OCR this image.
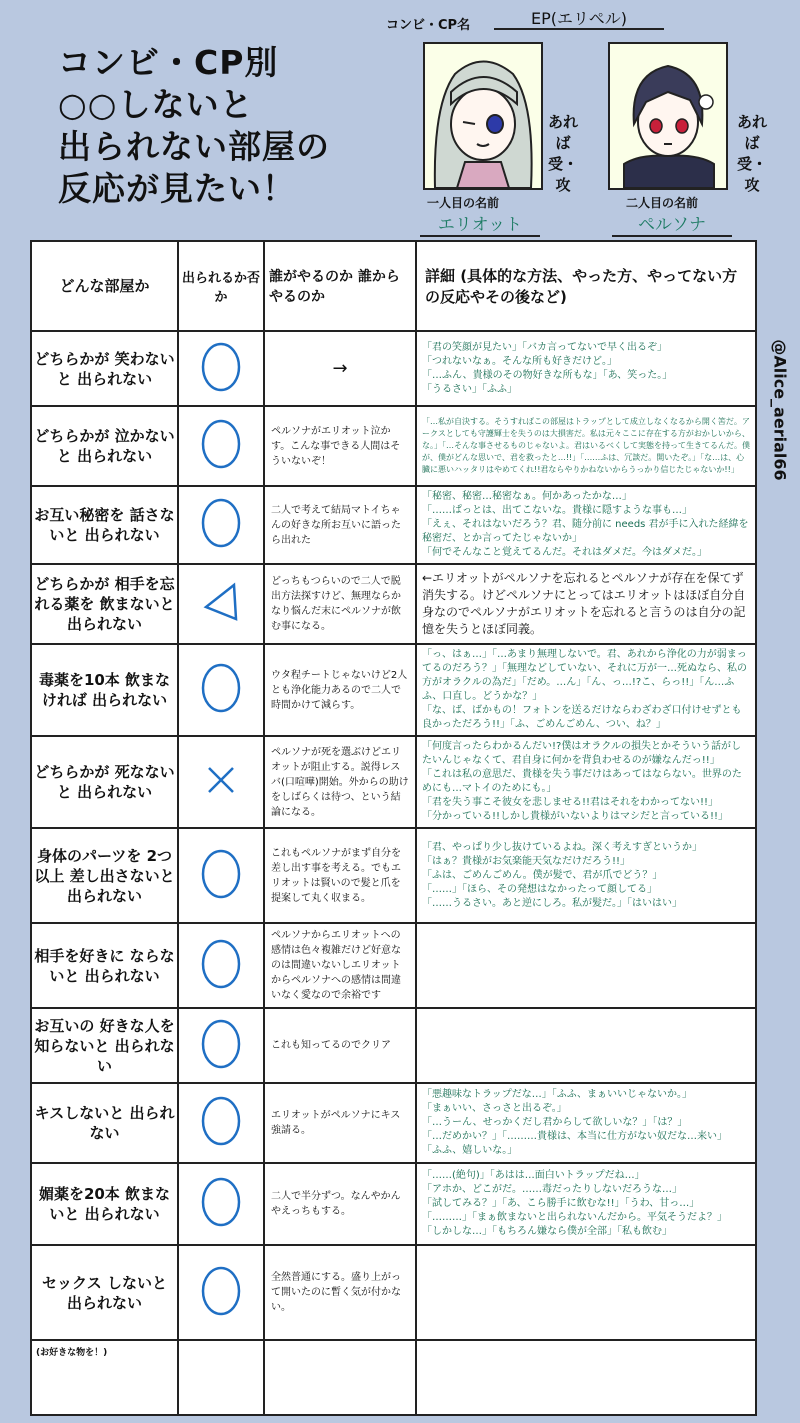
コンビ・CP別
○○しないと
出られない部屋の
反応が見たい！
コンビ・CP名	EP(エリペル)
あれば 受・攻
一人目の名前
エリオット
あれば 受・攻
二人目の名前
ペルソナ
@Alice_aerial66
どんな部屋か	出られるか否か	誰がやるのか 誰からやるのか	詳細 (具体的な方法、やった方、やってない方の反応やその後など)
どちらかが 笑わないと 出られない		→	「君の笑顔が見たい」「バカ言ってないで早く出るぞ」
「つれないなぁ。そんな所も好きだけど。」
「…ふん、貴様のその物好きな所もな」「あ、笑った。」
「うるさい」「ふふ」

どちらかが 泣かないと 出られない		ペルソナがエリオット泣かす。こんな事できる人間はそういないぞ！	「…私が自決する。そうすればこの部屋はトラップとして成立しなくなるから開く筈だ。アークスとしても守護輝士を失うのは大損害だ。私は元々ここに存在する方がおかしいから、な。」「…そんな事させるものじゃないよ。君はいるべくして実態を持って生きてるんだ。僕が、僕がどんな思いで、君を救ったと…!!」「……ふは、冗談だ。開いたぞ。」「な…は、心臓に悪いハッタリはやめてくれ!!君ならやりかねないからうっかり信じたじゃないか!!」

お互い秘密を 話さないと 出られない		二人で考えて結局マトイちゃんの好きな所お互いに語ったら出れた	「秘密、秘密…秘密なぁ。何かあったかな…」
「……ぱっとは、出てこないな。貴様に隠すような事も…」
「えぇ、それはないだろう？君、随分前に needs 君が手に入れた経緯を秘密だ、とか言ってたじゃないか」
「何でそんなこと覚えてるんだ。それはダメだ。今はダメだ。」

どちらかが 相手を忘れる薬を 飲まないと 出られない		どっちもつらいので二人で脱出方法探すけど、無理ならかなり悩んだ末にペルソナが飲む事になる。	←エリオットがペルソナを忘れるとペルソナが存在を保てず消失する。けどペルソナにとってはエリオットはほぼ自分自身なのでペルソナがエリオットを忘れると言うのは自分の記憶を失うとほぼ同義。

毒薬を10本 飲まなければ 出られない		ウタ程チートじゃないけど2人とも浄化能力あるので二人で時間かけて減らす。	「っ、はぁ…」「…あまり無理しないで。君、あれから浄化の力が弱まってるのだろう？」「無理などしていない、それに万が一…死ぬなら、私の方がオラクルの為だ」「だめ。…ん」「ん、っ…!?こ、らっ!!」「ん…ふふ、口直し。どうかな？」
「な、ば、ばかもの！フォトンを送るだけならわざわざ口付けせずとも良かっただろう!!」「ふ、ごめんごめん、つい、ね？」

どちらかが 死なないと 出られない		ペルソナが死を選ぶけどエリオットが阻止する。説得レスバ(口喧嘩)開始。外からの助けをしばらくは待つ、という結論になる。	「何度言ったらわかるんだい!?僕はオラクルの損失とかそういう話がしたいんじゃなくて、君自身に何かを背負わせるのが嫌なんだっ!!」
「これは私の意思だ、貴様を失う事だけはあってはならない。世界のためにも…マトイのためにも。」
「君を失う事こそ彼女を悲しませる!!君はそれをわかってない!!」
「分かっている!!しかし貴様がいないよりはマシだと言っている!!」

身体のパーツを 2つ以上 差し出さないと 出られない		これもペルソナがまず自分を差し出す事を考える。でもエリオットは賢いので髪と爪を提案して丸く収まる。	「君、やっぱり少し抜けているよね。深く考えすぎというか」
「はぁ？貴様がお気楽能天気なだけだろう!!」
「ふは、ごめんごめん。僕が髪で、君が爪でどう？」
「……」「ほら、その発想はなかったって顔してる」
「……うるさい。あと逆にしろ。私が髪だ。」「はいはい」

相手を好きに ならないと 出られない		ペルソナからエリオットへの感情は色々複雑だけど好意なのは間違いないしエリオットからペルソナへの感情は間違いなく愛なので余裕です	
お互いの 好きな人を 知らないと 出られない		これも知ってるのでクリア	
キスしないと 出られない		エリオットがペルソナにキス強請る。	「悪趣味なトラップだな…」「ふふ、まぁいいじゃないか。」
「まぁいい、さっさと出るぞ。」
「…うーん、せっかくだし君からして欲しいな？」「は？」
「…だめかい？」「………貴様は、本当に仕方がない奴だな…来い」
「ふふ、嬉しいな。」

媚薬を20本 飲まないと 出られない		二人で半分ずつ。なんやかんやえっちもする。	「……(絶句)」「あはは…面白いトラップだね…」
「アホか、どこがだ。……毒だったりしないだろうな…」
「試してみる？」「あ、こら勝手に飲むな!!」「うわ、甘っ…」
「………」「まぁ飲まないと出られないんだから。平気そうだよ？」
「しかしな…」「もちろん嫌なら僕が全部」「私も飲む」

セックス しないと 出られない		全然普通にする。盛り上がって開いたのに暫く気が付かない。	
(お好きな物を！)			
